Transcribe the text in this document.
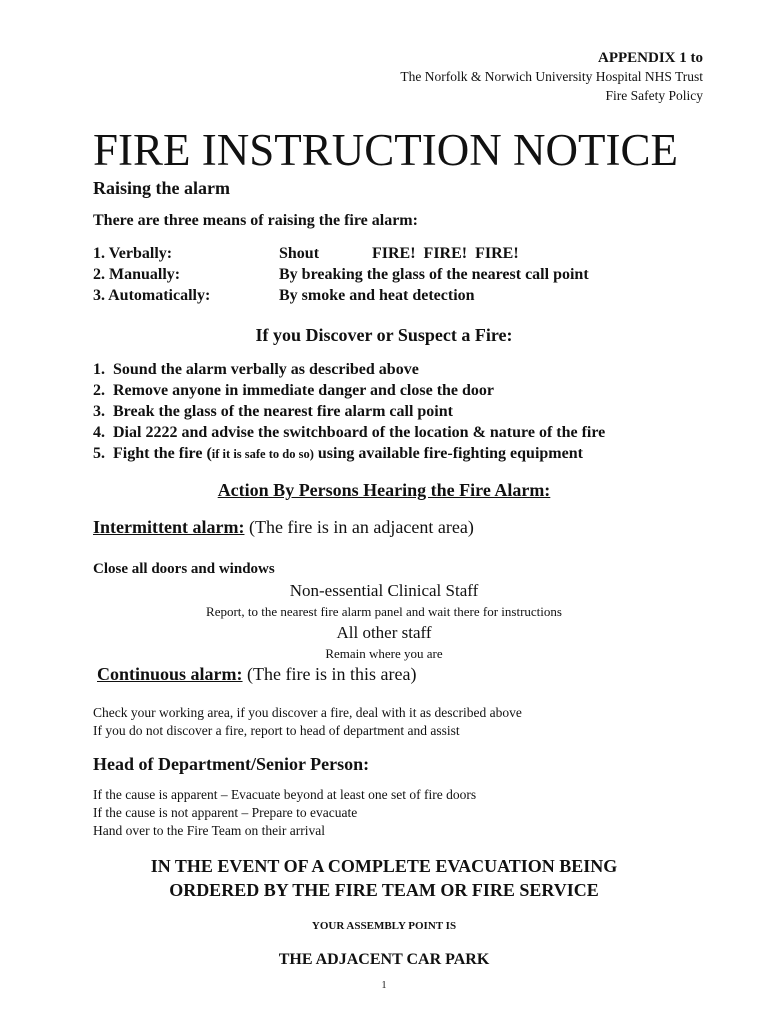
APPENDIX 1 to
The Norfolk & Norwich University Hospital NHS Trust
Fire Safety Policy
FIRE INSTRUCTION NOTICE
Raising the alarm
There are three means of raising the fire alarm:
1. Verbally:	Shout	FIRE!  FIRE!  FIRE!
2. Manually:	By breaking the glass of the nearest call point
3. Automatically:	By smoke and heat detection
If you Discover or Suspect a Fire:
1.  Sound the alarm verbally as described above
2.  Remove anyone in immediate danger and close the door
3.  Break the glass of the nearest fire alarm call point
4.  Dial 2222 and advise the switchboard of the location & nature of the fire
5.  Fight the fire (if it is safe to do so) using available fire-fighting equipment
Action By Persons Hearing the Fire Alarm:
Intermittent alarm: (The fire is in an adjacent area)
Close all doors and windows
Non-essential Clinical Staff
Report, to the nearest fire alarm panel and wait there for instructions
All other staff
Remain where you are
Continuous alarm: (The fire is in this area)
Check your working area, if you discover a fire, deal with it as described above
If you do not discover a fire, report to head of department and assist
Head of Department/Senior Person:
If the cause is apparent – Evacuate beyond at least one set of fire doors
If the cause is not apparent – Prepare to evacuate
Hand over to the Fire Team on their arrival
IN THE EVENT OF A COMPLETE EVACUATION BEING
ORDERED BY THE FIRE TEAM OR FIRE SERVICE
YOUR ASSEMBLY POINT IS
THE ADJACENT CAR PARK
1
